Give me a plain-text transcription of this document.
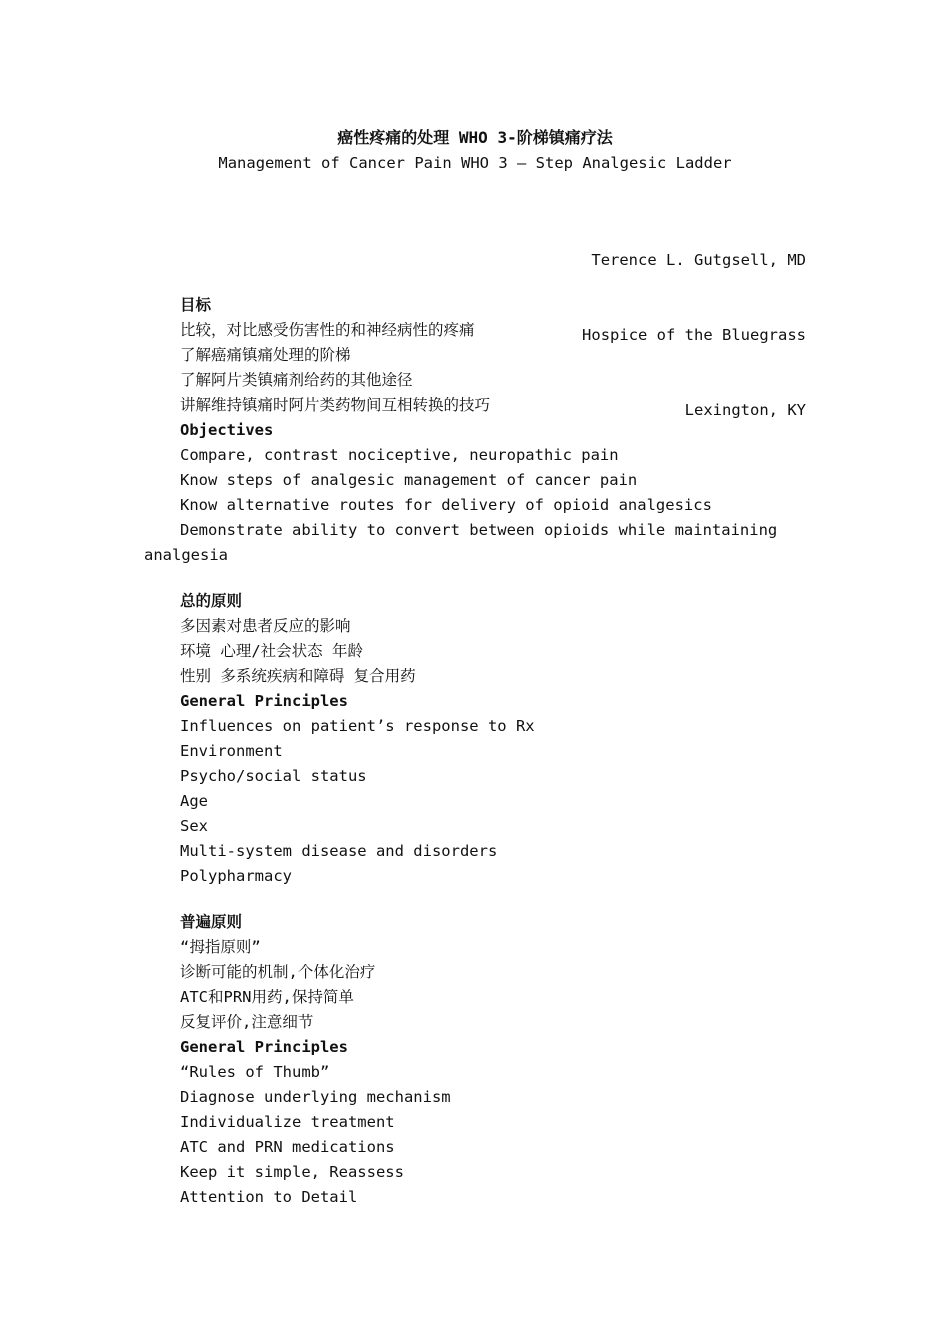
癌性疼痛的处理 WHO 3-阶梯镇痛疗法
Management of Cancer Pain WHO 3 – Step Analgesic Ladder

Terence L. Gutgsell, MD

Hospice of the Bluegrass

Lexington, KY

目标
比较，对比感受伤害性的和神经病性的疼痛
了解癌痛镇痛处理的阶梯
了解阿片类镇痛剂给药的其他途径
讲解维持镇痛时阿片类药物间互相转换的技巧
Objectives
Compare, contrast nociceptive, neuropathic pain
Know steps of analgesic management of cancer pain
Know alternative routes for delivery of opioid analgesics
Demonstrate ability to convert between opioids while maintaining
analgesia
总的原则
多因素对患者反应的影响
环境 心理/社会状态 年龄
性别 多系统疾病和障碍 复合用药
General Principles
Influences on patient’s response to Rx
Environment
Psycho/social status
Age
Sex
Multi-system disease and disorders
Polypharmacy
普遍原则
“拇指原则”
诊断可能的机制,个体化治疗
ATC和PRN用药,保持简单
反复评价,注意细节
General Principles
“Rules of Thumb”
Diagnose underlying mechanism
Individualize treatment
ATC and PRN medications
Keep it simple, Reassess
Attention to Detail
